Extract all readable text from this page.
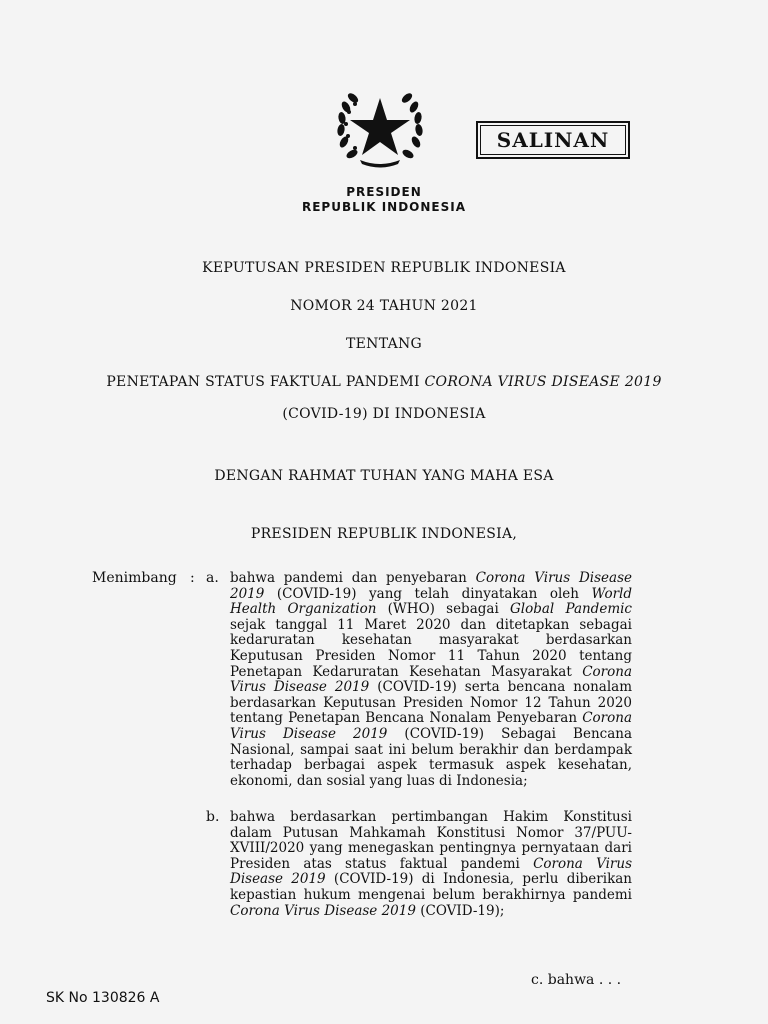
SALINAN
PRESIDEN
REPUBLIK INDONESIA
KEPUTUSAN PRESIDEN REPUBLIK INDONESIA
NOMOR 24 TAHUN 2021
TENTANG
PENETAPAN STATUS FAKTUAL PANDEMI CORONA VIRUS DISEASE 2019
(COVID-19) DI INDONESIA
DENGAN RAHMAT TUHAN YANG MAHA ESA
PRESIDEN REPUBLIK INDONESIA,
Menimbang : a. bahwa pandemi dan penyebaran Corona Virus Disease 2019 (COVID-19) yang telah dinyatakan oleh World Health Organization (WHO) sebagai Global Pandemic sejak tanggal 11 Maret 2020 dan ditetapkan sebagai kedaruratan kesehatan masyarakat berdasarkan Keputusan Presiden Nomor 11 Tahun 2020 tentang Penetapan Kedaruratan Kesehatan Masyarakat Corona Virus Disease 2019 (COVID-19) serta bencana nonalam berdasarkan Keputusan Presiden Nomor 12 Tahun 2020 tentang Penetapan Bencana Nonalam Penyebaran Corona Virus Disease 2019 (COVID-19) Sebagai Bencana Nasional, sampai saat ini belum berakhir dan berdampak terhadap berbagai aspek termasuk aspek kesehatan, ekonomi, dan sosial yang luas di Indonesia;
b. bahwa berdasarkan pertimbangan Hakim Konstitusi dalam Putusan Mahkamah Konstitusi Nomor 37/PUU-XVIII/2020 yang menegaskan pentingnya pernyataan dari Presiden atas status faktual pandemi Corona Virus Disease 2019 (COVID-19) di Indonesia, perlu diberikan kepastian hukum mengenai belum berakhirnya pandemi Corona Virus Disease 2019 (COVID-19);
c. bahwa . . .
SK No 130826 A
